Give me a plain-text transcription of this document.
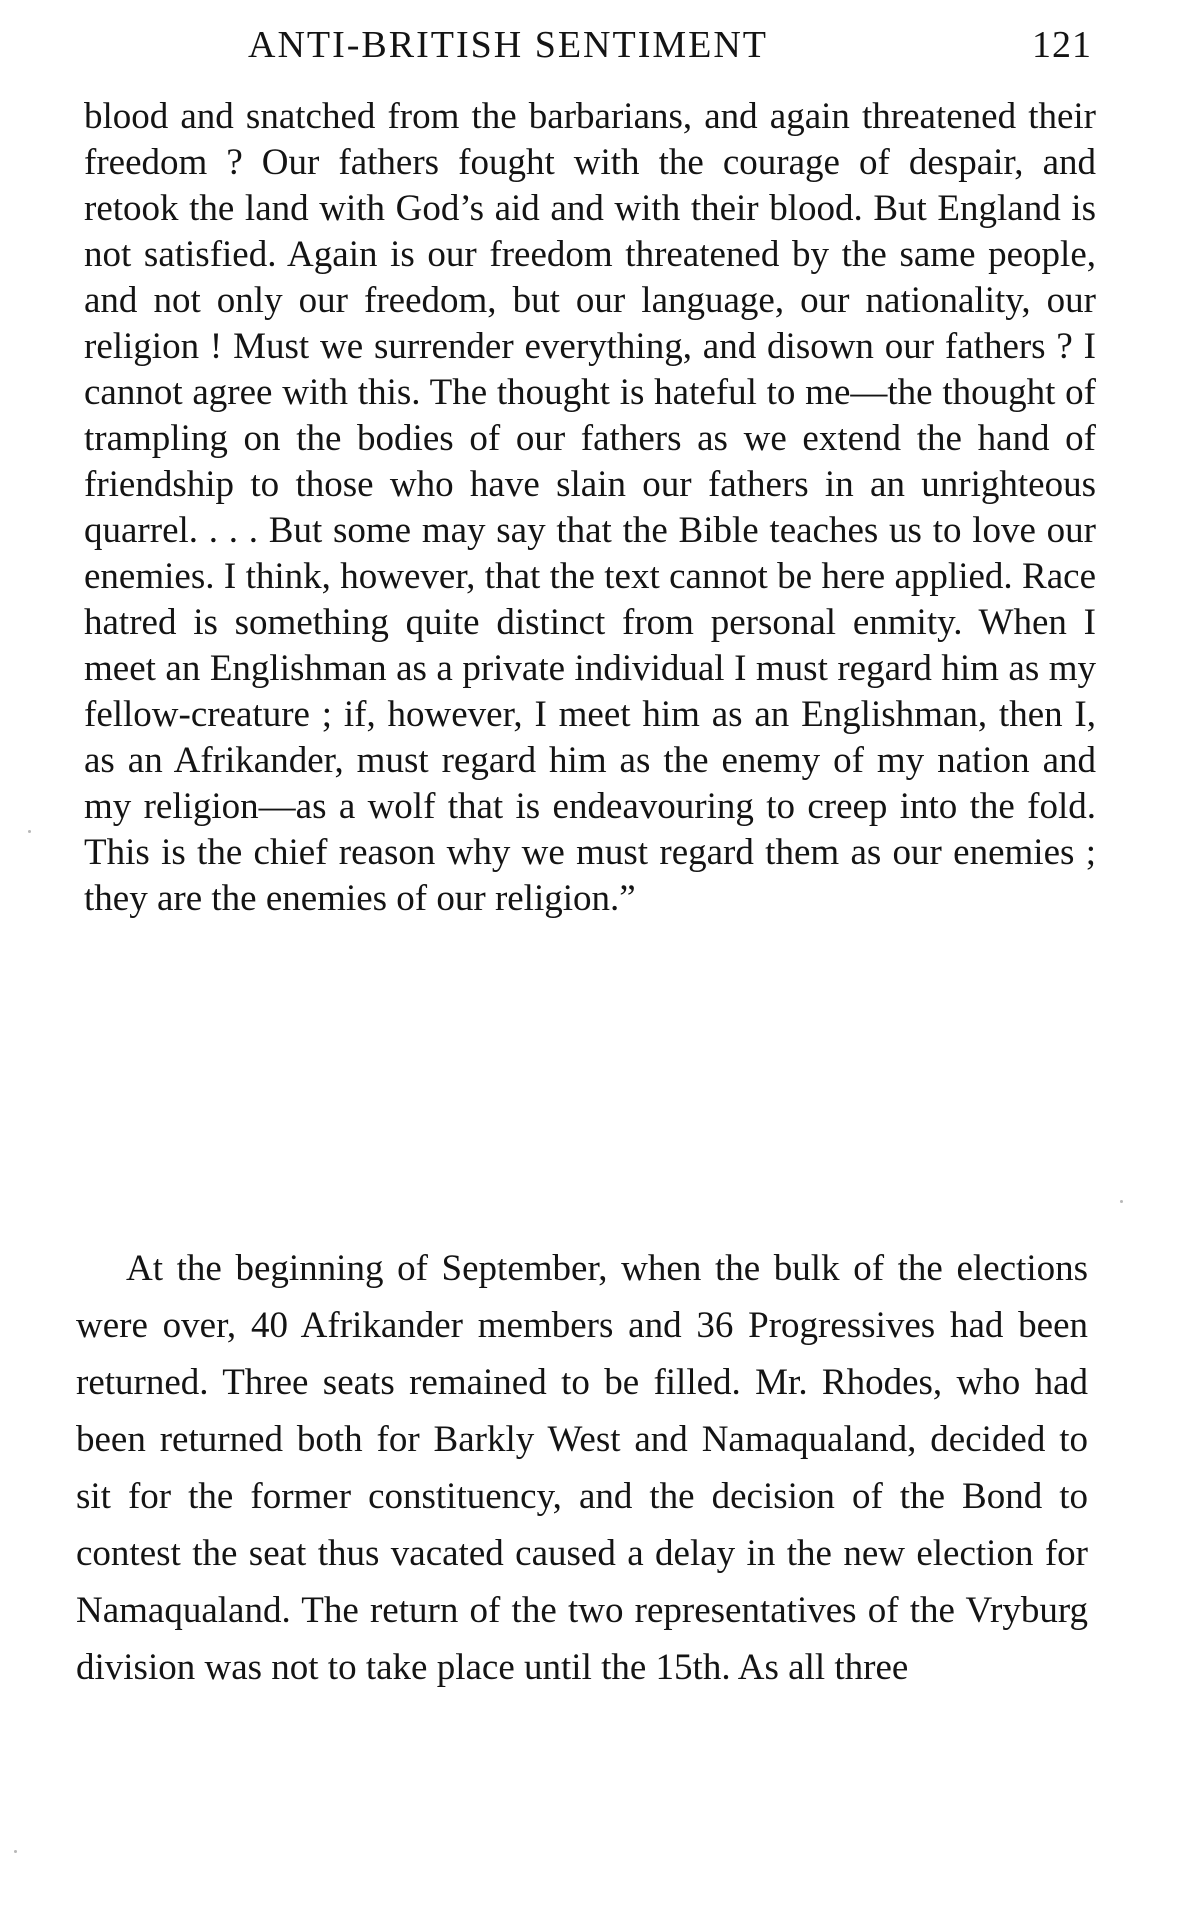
ANTI-BRITISH SENTIMENT	121

blood and snatched from the barbarians, and again threatened their freedom ? Our fathers fought with the courage of despair, and retook the land with God’s aid and with their blood. But England is not satisfied. Again is our freedom threatened by the same people, and not only our freedom, but our language, our nationality, our religion ! Must we surrender everything, and disown our fathers ? I cannot agree with this. The thought is hateful to me—the thought of trampling on the bodies of our fathers as we extend the hand of friendship to those who have slain our fathers in an unrighteous quarrel. . . . But some may say that the Bible teaches us to love our enemies. I think, however, that the text cannot be here applied. Race hatred is something quite distinct from personal enmity. When I meet an Englishman as a private individual I must regard him as my fellow-creature ; if, however, I meet him as an Englishman, then I, as an Afrikander, must regard him as the enemy of my nation and my religion—as a wolf that is endeavouring to creep into the fold. This is the chief reason why we must regard them as our enemies ; they are the enemies of our religion.”

At the beginning of September, when the bulk of the elections were over, 40 Afrikander members and 36 Progressives had been returned. Three seats remained to be filled. Mr. Rhodes, who had been returned both for Barkly West and Namaqualand, decided to sit for the former constituency, and the decision of the Bond to contest the seat thus vacated caused a delay in the new election for Namaqualand. The return of the two representatives of the Vryburg division was not to take place until the 15th. As all three
